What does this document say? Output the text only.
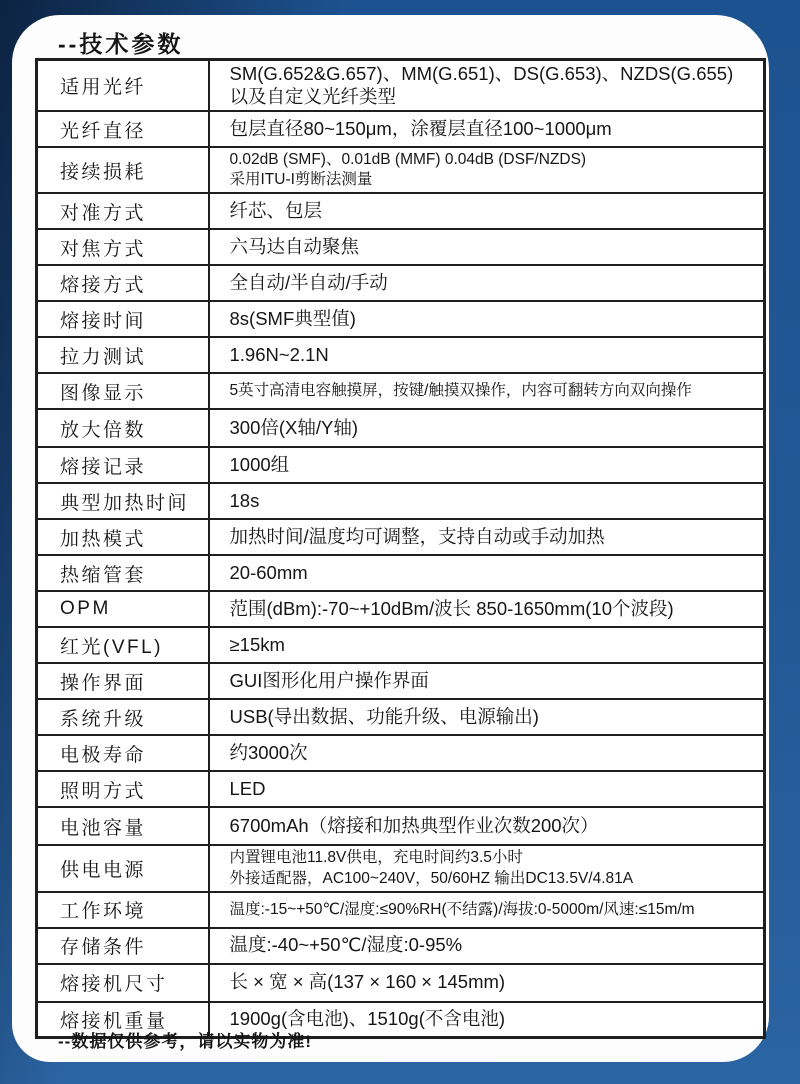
--技术参数
适用光纤	SM(G.652&G.657)、MM(G.651)、DS(G.653)、NZDS(G.655)
以及自定义光纤类型

光纤直径	包层直径80~150μm，涂覆层直径100~1000μm

接续损耗	0.02dB (SMF)、0.01dB (MMF) 0.04dB (DSF/NZDS)
采用ITU-I剪断法测量

对准方式	纤芯、包层

对焦方式	六马达自动聚焦

熔接方式	全自动/半自动/手动

熔接时间	8s(SMF典型值)

拉力测试	1.96N~2.1N

图像显示	5英寸高清电容触摸屏，按键/触摸双操作，内容可翻转方向双向操作

放大倍数	300倍(X轴/Y轴)

熔接记录	1000组

典型加热时间	18s

加热模式	加热时间/温度均可调整，支持自动或手动加热

热缩管套	20-60mm

OPM	范围(dBm):-70~+10dBm/波长 850-1650mm(10个波段)

红光(VFL)	≥15km

操作界面	GUI图形化用户操作界面

系统升级	USB(导出数据、功能升级、电源输出)

电极寿命	约3000次

照明方式	LED

电池容量	6700mAh（熔接和加热典型作业次数200次）

供电电源	内置锂电池11.8V供电，充电时间约3.5小时
外接适配器，AC100~240V，50/60HZ 输出DC13.5V/4.81A

工作环境	温度:-15~+50℃/湿度:≤90%RH(不结露)/海拔:0-5000m/风速:≤15m/m

存储条件	温度:-40~+50℃/湿度:0-95%

熔接机尺寸	长 × 宽 × 高(137 × 160 × 145mm)

熔接机重量	1900g(含电池)、1510g(不含电池)
--数据仅供参考，请以实物为准!
